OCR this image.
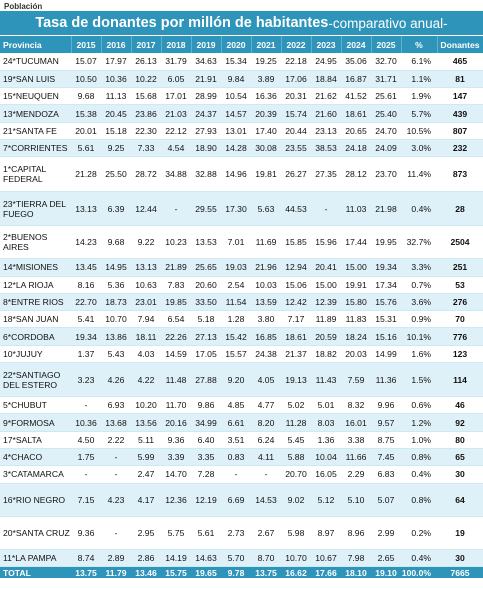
Población
Tasa de donantes por millón de habitantes -comparativo anual-
Provincia	2015	2016	2017	2018	2019	2020	2021	2022	2023	2024	2025	%	Donantes
24*TUCUMAN	15.07	17.97	26.13	31.79	34.63	15.34	19.25	22.18	24.95	35.06	32.70	6.1%	465
19*SAN LUIS	10.50	10.36	10.22	6.05	21.91	9.84	3.89	17.06	18.84	16.87	31.71	1.1%	81
15*NEUQUEN	9.68	11.13	15.68	17.01	28.99	10.54	16.36	20.31	21.62	41.52	25.61	1.9%	147
13*MENDOZA	15.38	20.45	23.86	21.03	24.37	14.57	20.39	15.74	21.60	18.61	25.40	5.7%	439
21*SANTA FE	20.01	15.18	22.30	22.12	27.93	13.01	17.40	20.44	23.13	20.65	24.70	10.5%	807
7*CORRIENTES	5.61	9.25	7.33	4.54	18.90	14.28	30.08	23.55	38.53	24.18	24.09	3.0%	232
1*CAPITAL FEDERAL	21.28	25.50	28.72	34.88	32.88	14.96	19.81	26.27	27.35	28.12	23.70	11.4%	873
23*TIERRA DEL FUEGO	13.13	6.39	12.44	-	29.55	17.30	5.63	44.53	-	11.03	21.98	0.4%	28
2*BUENOS AIRES	14.23	9.68	9.22	10.23	13.53	7.01	11.69	15.85	15.96	17.44	19.95	32.7%	2504
14*MISIONES	13.45	14.95	13.13	21.89	25.65	19.03	21.96	12.94	20.41	15.00	19.34	3.3%	251
12*LA RIOJA	8.16	5.36	10.63	7.83	20.60	2.54	10.03	15.06	15.00	19.91	17.34	0.7%	53
8*ENTRE RIOS	22.70	18.73	23.01	19.85	33.50	11.54	13.59	12.42	12.39	15.80	15.76	3.6%	276
18*SAN JUAN	5.41	10.70	7.94	6.54	5.18	1.28	3.80	7.17	11.89	11.83	15.31	0.9%	70
6*CORDOBA	19.34	13.86	18.11	22.26	27.13	15.42	16.85	18.61	20.59	18.24	15.16	10.1%	776
10*JUJUY	1.37	5.43	4.03	14.59	17.05	15.57	24.38	21.37	18.82	20.03	14.99	1.6%	123
22*SANTIAGO DEL ESTERO	3.23	4.26	4.22	11.48	27.88	9.20	4.05	19.13	11.43	7.59	11.36	1.5%	114
5*CHUBUT	-	6.93	10.20	11.70	9.86	4.85	4.77	5.02	5.01	8.32	9.96	0.6%	46
9*FORMOSA	10.36	13.68	13.56	20.16	34.99	6.61	8.20	11.28	8.03	16.01	9.57	1.2%	92
17*SALTA	4.50	2.22	5.11	9.36	6.40	3.51	6.24	5.45	1.36	3.38	8.75	1.0%	80
4*CHACO	1.75	-	5.99	3.39	3.35	0.83	4.11	5.88	10.04	11.66	7.45	0.8%	65
3*CATAMARCA	-	-	2.47	14.70	7.28	-	-	20.70	16.05	2.29	6.83	0.4%	30
16*RIO NEGRO	7.15	4.23	4.17	12.36	12.19	6.69	14.53	9.02	5.12	5.10	5.07	0.8%	64
20*SANTA CRUZ	9.36	-	2.95	5.75	5.61	2.73	2.67	5.98	8.97	8.96	2.99	0.2%	19
11*LA PAMPA	8.74	2.89	2.86	14.19	14.63	5.70	8.70	10.70	10.67	7.98	2.65	0.4%	30
TOTAL	13.75	11.79	13.46	15.75	19.65	9.78	13.75	16.62	17.66	18.10	19.10	100.0%	7665
